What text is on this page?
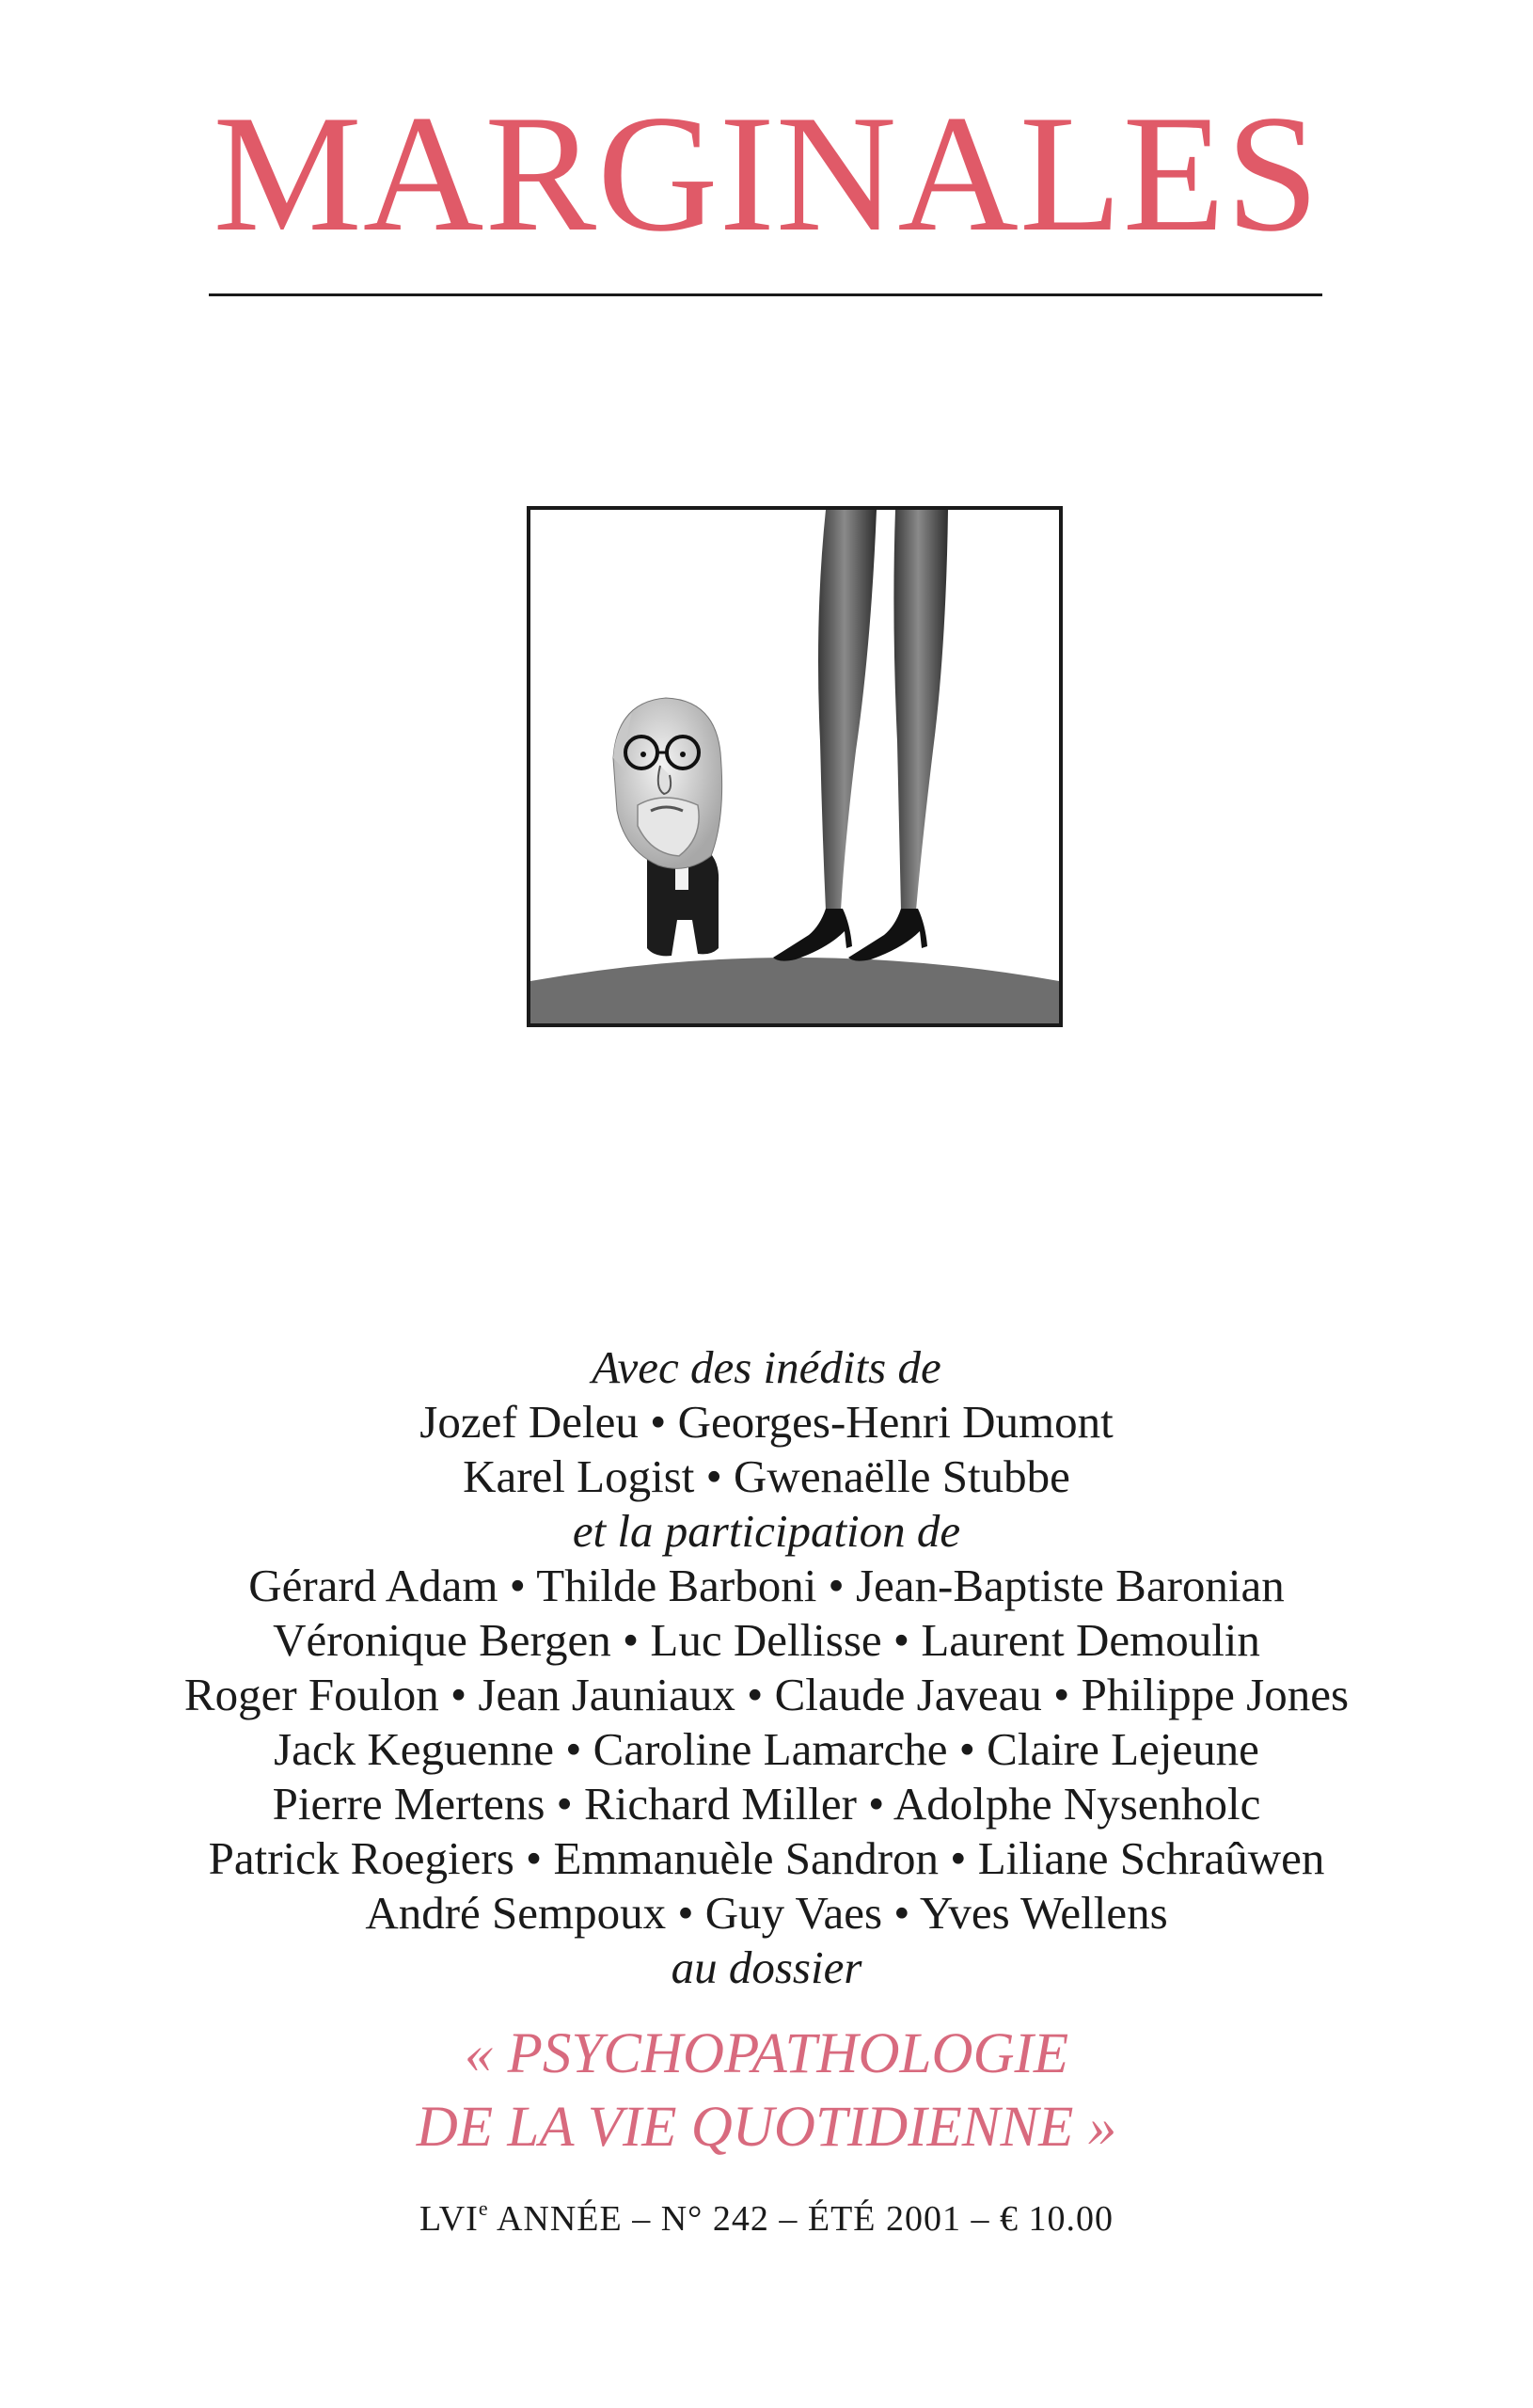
MARGINALES
Avec des inédits de
Jozef Deleu • Georges-Henri Dumont
Karel Logist • Gwenaëlle Stubbe
et la participation de
Gérard Adam • Thilde Barboni • Jean-Baptiste Baronian
Véronique Bergen • Luc Dellisse • Laurent Demoulin
Roger Foulon • Jean Jauniaux • Claude Javeau • Philippe Jones
Jack Keguenne • Caroline Lamarche • Claire Lejeune
Pierre Mertens • Richard Miller • Adolphe Nysenholc
Patrick Roegiers • Emmanuèle Sandron • Liliane Schraûwen
André Sempoux • Guy Vaes • Yves Wellens
au dossier
« PSYCHOPATHOLOGIE
DE LA VIE QUOTIDIENNE »
LVIe ANNÉE – N° 242 – ÉTÉ 2001 – € 10.00
